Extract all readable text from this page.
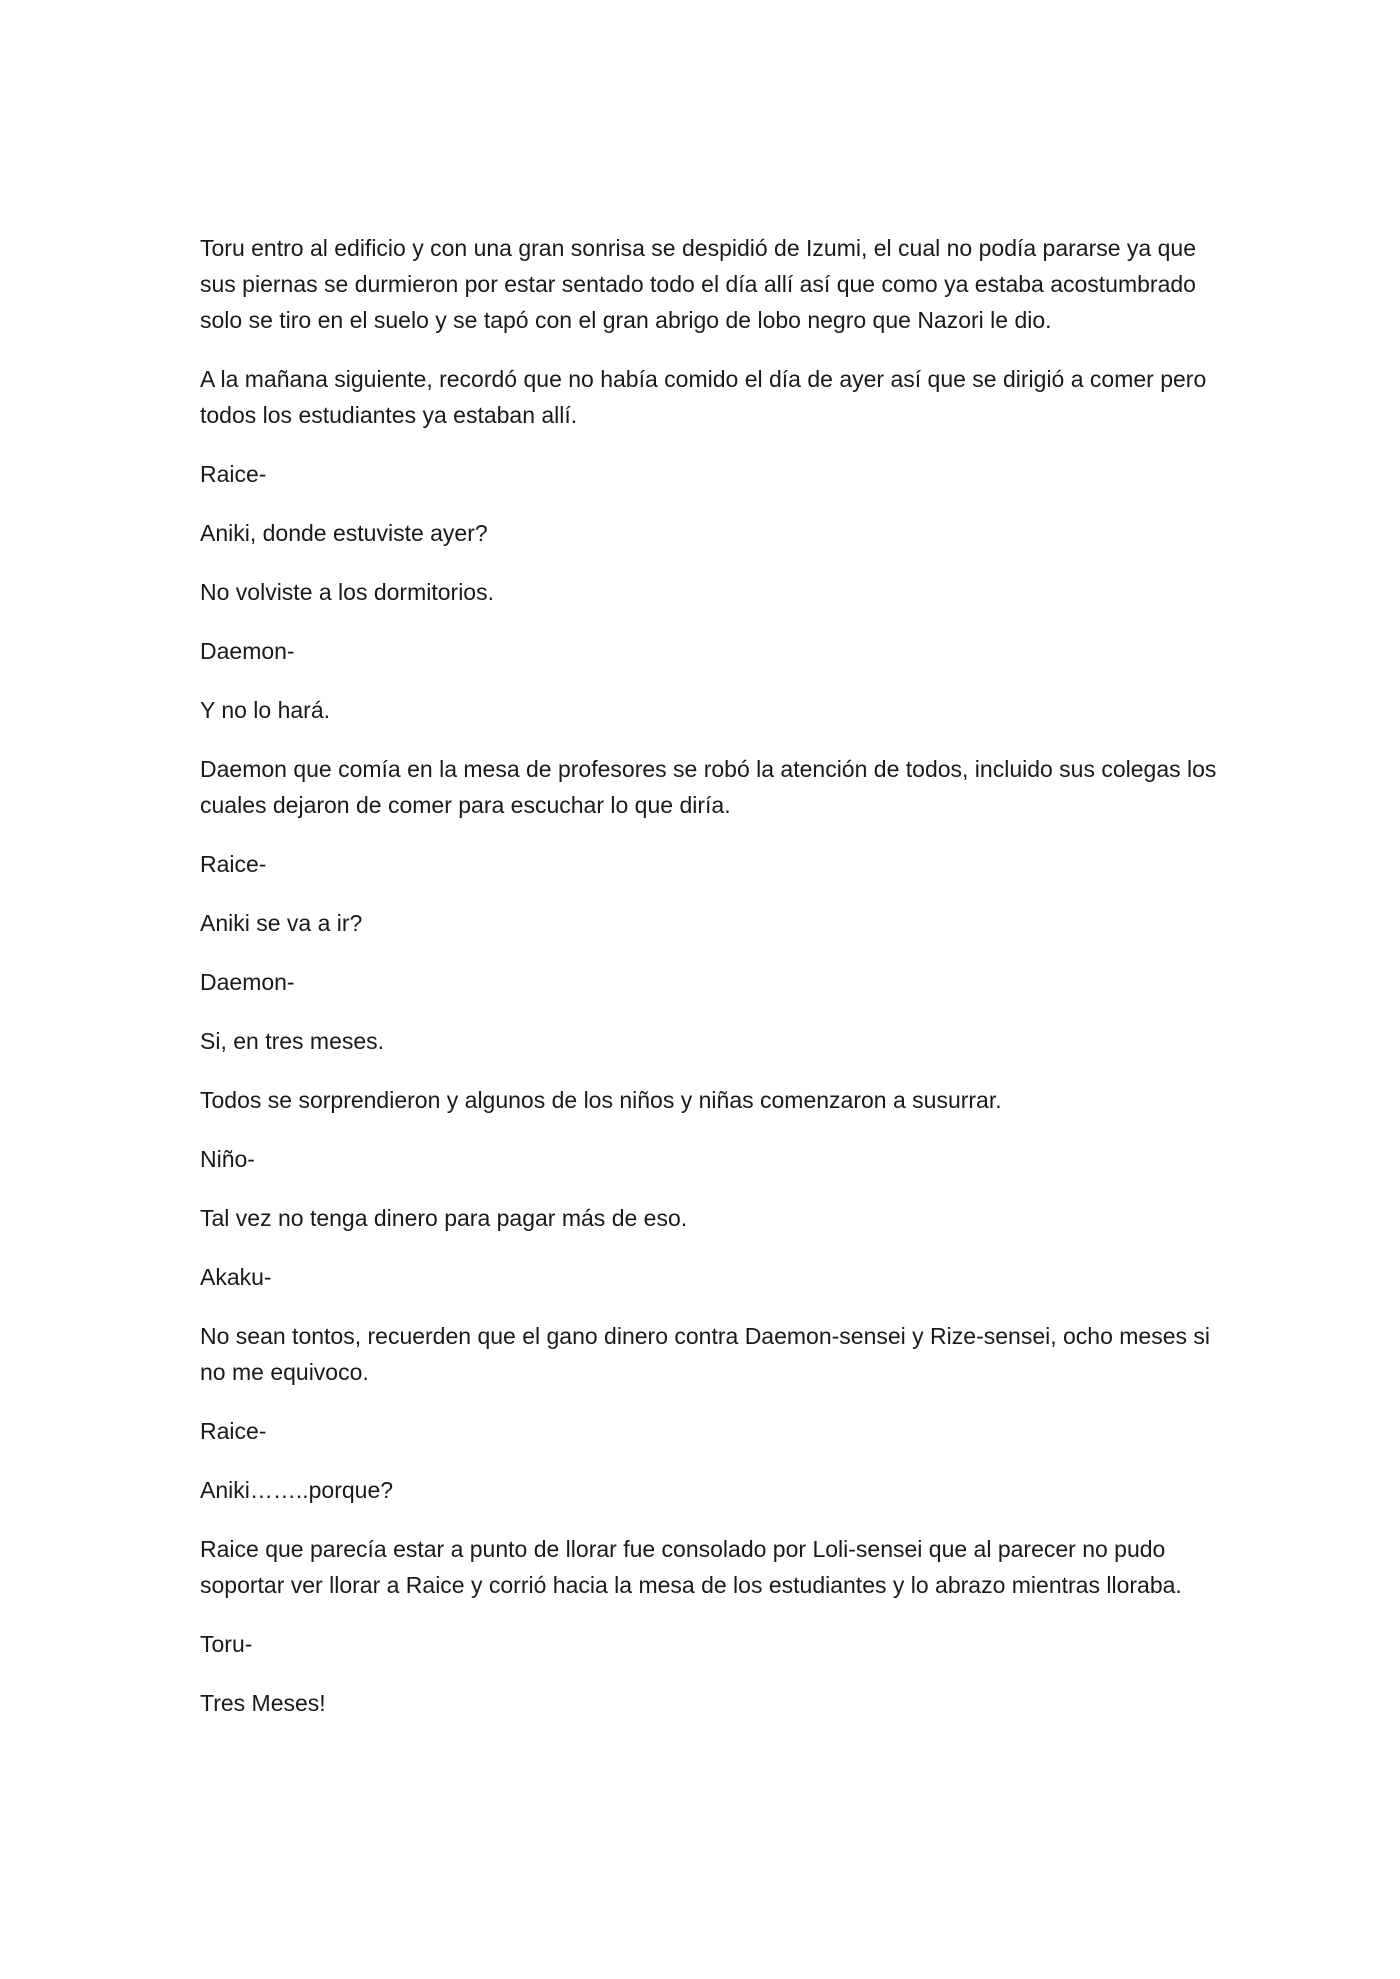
Toru entro al edificio y con una gran sonrisa se despidió de Izumi, el cual no podía pararse ya que sus piernas se durmieron por estar sentado todo el día allí así que como ya estaba acostumbrado solo se tiro en el suelo y se tapó con el gran abrigo de lobo negro que Nazori le dio.

A la mañana siguiente, recordó que no había comido el día de ayer así que se dirigió a comer pero todos los estudiantes ya estaban allí.

Raice-

Aniki, donde estuviste ayer?

No volviste a los dormitorios.

Daemon-

Y no lo hará.

Daemon que comía en la mesa de profesores se robó la atención de todos, incluido sus colegas los cuales dejaron de comer para escuchar lo que diría.

Raice-

Aniki se va a ir?

Daemon-

Si, en tres meses.

Todos se sorprendieron y algunos de los niños y niñas comenzaron a susurrar.

Niño-

Tal vez no tenga dinero para pagar más de eso.

Akaku-

No sean tontos, recuerden que el gano dinero contra Daemon-sensei y Rize-sensei, ocho meses si no me equivoco.

Raice-

Aniki……..porque?

Raice que parecía estar a punto de llorar fue consolado por Loli-sensei que al parecer no pudo soportar ver llorar a Raice y corrió hacia la mesa de los estudiantes y lo abrazo mientras lloraba.

Toru-

Tres Meses!
